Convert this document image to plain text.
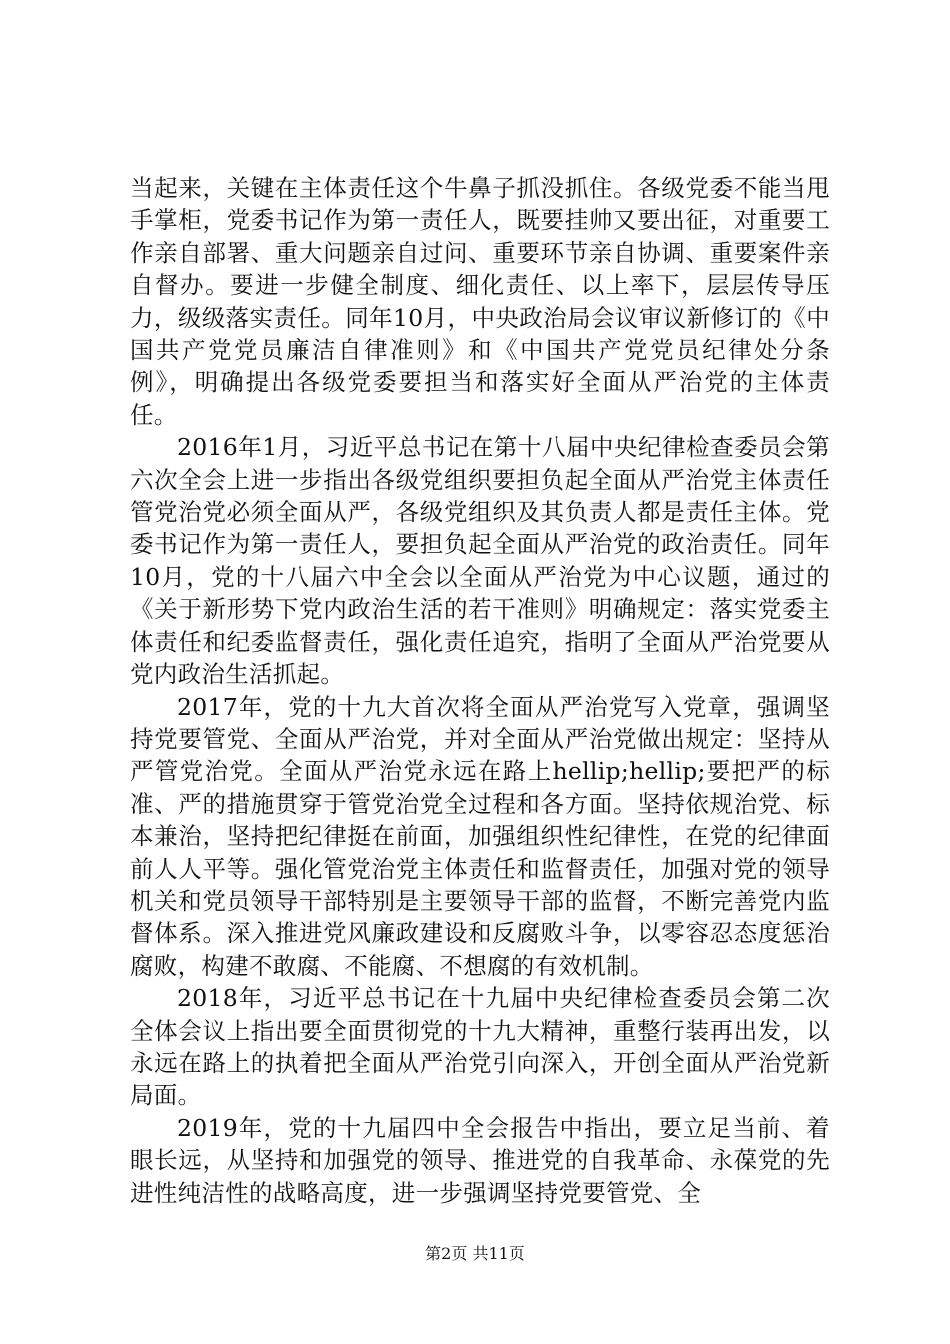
当起来，关键在主体责任这个牛鼻子抓没抓住。各级党委不能当甩手掌柜，党委书记作为第一责任人，既要挂帅又要出征，对重要工作亲自部署、重大问题亲自过问、重要环节亲自协调、重要案件亲自督办。要进一步健全制度、细化责任、以上率下，层层传导压力，级级落实责任。同年10月，中央政治局会议审议新修订的《中国共产党党员廉洁自律准则》和《中国共产党党员纪律处分条例》，明确提出各级党委要担当和落实好全面从严治党的主体责任。

2016年1月，习近平总书记在第十八届中央纪律检查委员会第六次全会上进一步指出各级党组织要担负起全面从严治党主体责任管党治党必须全面从严，各级党组织及其负责人都是责任主体。党委书记作为第一责任人，要担负起全面从严治党的政治责任。同年10月，党的十八届六中全会以全面从严治党为中心议题，通过的《关于新形势下党内政治生活的若干准则》明确规定：落实党委主体责任和纪委监督责任，强化责任追究，指明了全面从严治党要从党内政治生活抓起。

2017年，党的十九大首次将全面从严治党写入党章，强调坚持党要管党、全面从严治党，并对全面从严治党做出规定：坚持从严管党治党。全面从严治党永远在路上hellip;hellip;要把严的标准、严的措施贯穿于管党治党全过程和各方面。坚持依规治党、标本兼治，坚持把纪律挺在前面，加强组织性纪律性，在党的纪律面前人人平等。强化管党治党主体责任和监督责任，加强对党的领导机关和党员领导干部特别是主要领导干部的监督，不断完善党内监督体系。深入推进党风廉政建设和反腐败斗争，以零容忍态度惩治腐败，构建不敢腐、不能腐、不想腐的有效机制。

2018年，习近平总书记在十九届中央纪律检查委员会第二次全体会议上指出要全面贯彻党的十九大精神，重整行装再出发，以永远在路上的执着把全面从严治党引向深入，开创全面从严治党新局面。

2019年，党的十九届四中全会报告中指出，要立足当前、着眼长远，从坚持和加强党的领导、推进党的自我革命、永葆党的先进性纯洁性的战略高度，进一步强调坚持党要管党、全

第2页 共11页
